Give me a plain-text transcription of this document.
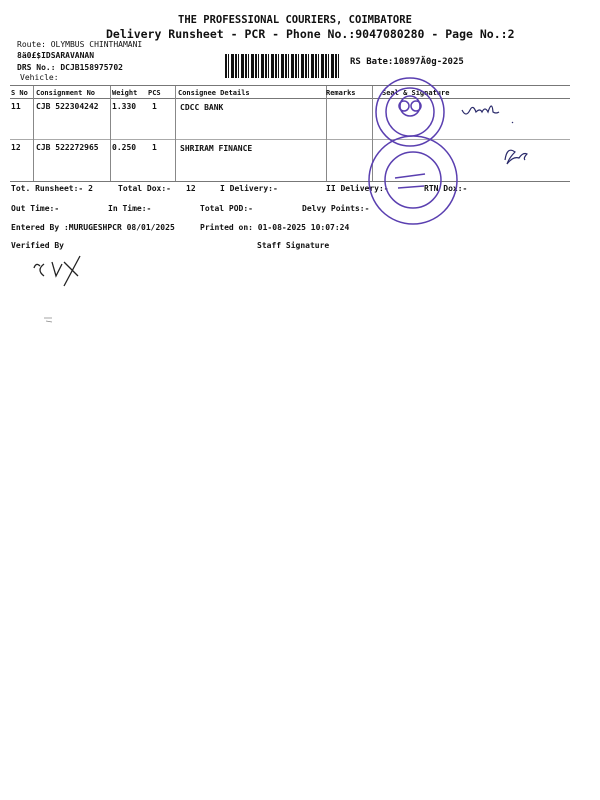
THE PROFESSIONAL COURIERS, COIMBATORE
Delivery Runsheet - PCR - Phone No.:9047080280 - Page No.:2
Route: OLYMBUS CHINTHAMANI
8ä0£$IDSARAVANAN
DRS No.: DCJB158975702
Vehicle:
RS Bate:10897Ä0g-2025
S No Consignment No Weight PCS Consignee Details	Remarks	Seal & Signature
11 CJB 522304242 1.330 1	CDCC BANK
12 CJB 522272965 0.250 1	SHRIRAM FINANCE
Tot. Runsheet:- 2	Total Dox:- 12	I Delivery:-	II Delivery:-	RTN Dox:-
Out Time:-	In Time:-	Total POD:-	Delvy Points:-
Entered By :MURUGESHPCR 08/01/2025	Printed on: 01-08-2025 10:07:24
Verified By	Staff Signature
